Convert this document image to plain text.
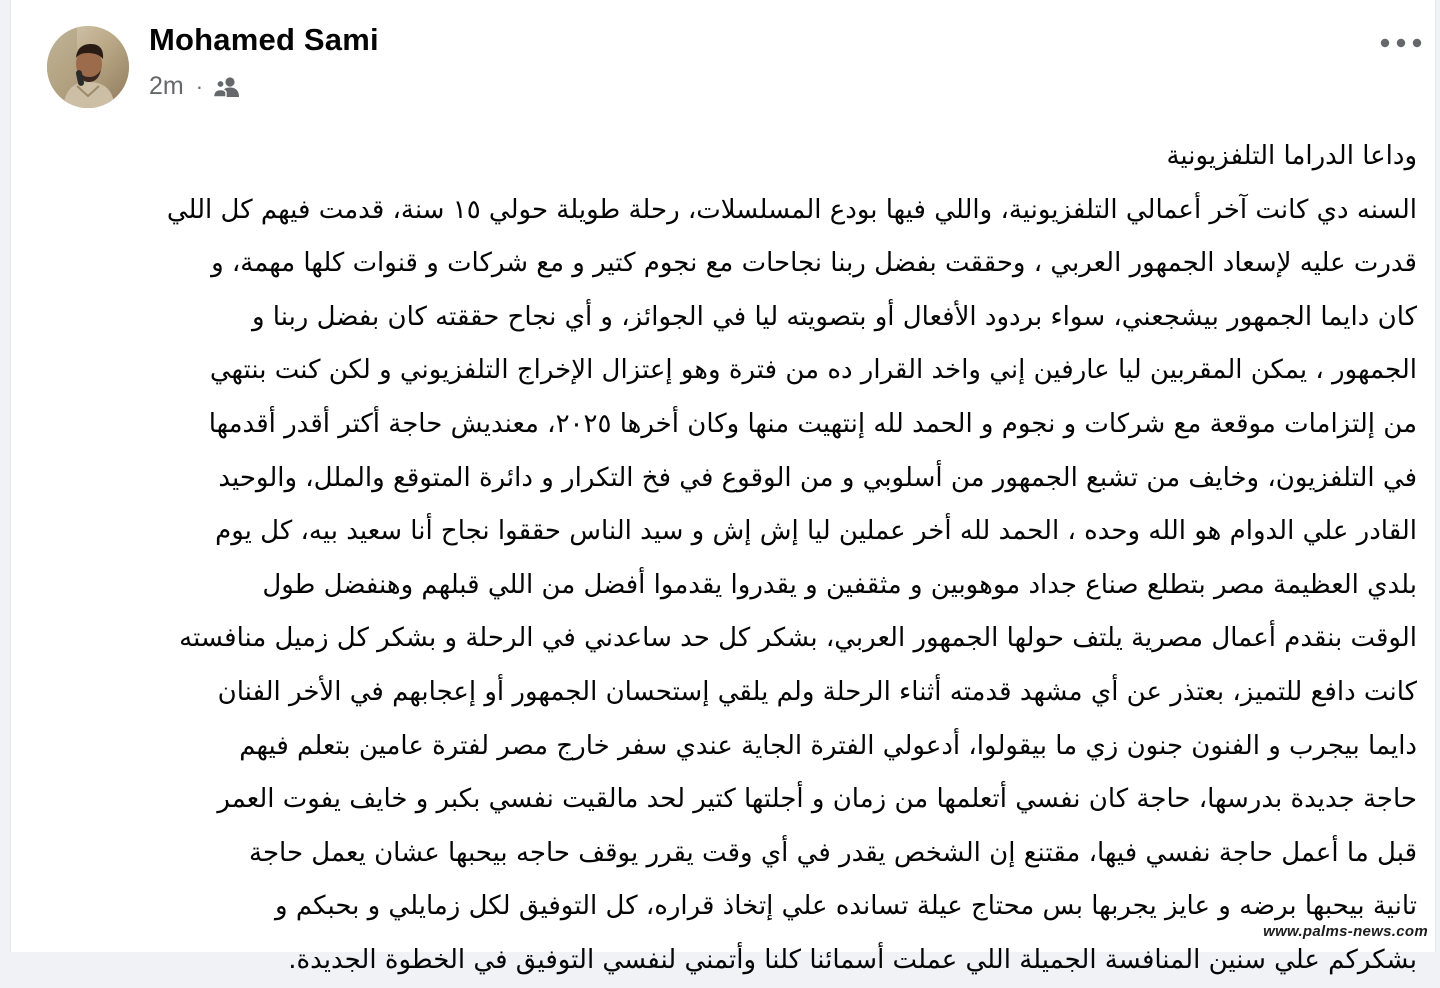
Mohamed Sami
2m ·
وداعا الدراما التلفزيونية
السنه دي كانت آخر أعمالي التلفزيونية، واللي فيها بودع المسلسلات، رحلة طويلة حولي ١٥ سنة، قدمت فيهم كل اللي
قدرت عليه لإسعاد الجمهور العربي ، وحققت بفضل ربنا نجاحات مع نجوم كتير و مع شركات و قنوات كلها مهمة، و
كان دايما الجمهور بيشجعني، سواء بردود الأفعال أو بتصويته ليا في الجوائز، و أي نجاح حققته كان بفضل ربنا و
الجمهور ، يمكن المقربين ليا عارفين إني واخد القرار ده من فترة وهو إعتزال الإخراج التلفزيوني و لكن كنت بنتهي
من إلتزامات موقعة مع شركات و نجوم و الحمد لله إنتهيت منها وكان أخرها ٢٠٢٥، معنديش حاجة أكتر أقدر أقدمها
في التلفزيون، وخايف من تشبع الجمهور من أسلوبي و من الوقوع في فخ التكرار و دائرة المتوقع والملل، والوحيد
القادر علي الدوام هو الله وحده ، الحمد لله أخر عملين ليا إش إش و سيد الناس حققوا نجاح أنا سعيد بيه، كل يوم
بلدي العظيمة مصر بتطلع صناع جداد موهوبين و مثقفين و يقدروا يقدموا أفضل من اللي قبلهم وهنفضل طول
الوقت بنقدم أعمال مصرية يلتف حولها الجمهور العربي، بشكر كل حد ساعدني في الرحلة و بشكر كل زميل منافسته
كانت دافع للتميز، بعتذر عن أي مشهد قدمته أثناء الرحلة ولم يلقي إستحسان الجمهور أو إعجابهم في الأخر الفنان
دايما بيجرب و الفنون جنون زي ما بيقولوا، أدعولي الفترة الجاية عندي سفر خارج مصر لفترة عامين بتعلم فيهم
حاجة جديدة بدرسها، حاجة كان نفسي أتعلمها من زمان و أجلتها كتير لحد مالقيت نفسي بكبر و خايف يفوت العمر
قبل ما أعمل حاجة نفسي فيها، مقتنع إن الشخص يقدر في أي وقت يقرر يوقف حاجه بيحبها عشان يعمل حاجة
تانية بيحبها برضه و عايز يجربها بس محتاج عيلة تسانده علي إتخاذ قراره، كل التوفيق لكل زمايلي و بحبكم و
بشكركم علي سنين المنافسة الجميلة اللي عملت أسمائنا كلنا وأتمني لنفسي التوفيق في الخطوة الجديدة.
www.palms-news.com
